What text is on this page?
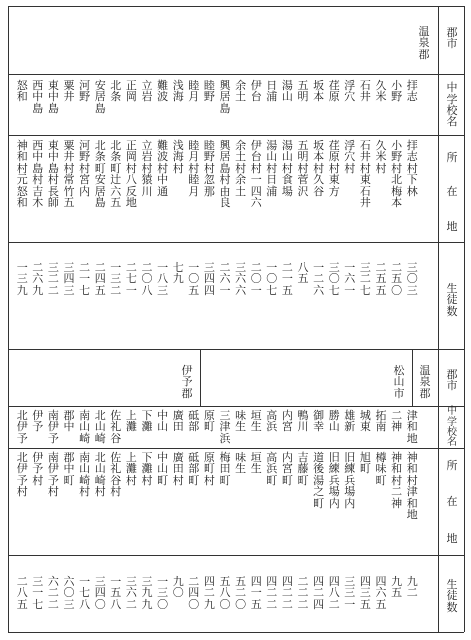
郡
市
中
学
校
名
所

在

地
生
徒
数
温
泉
郡
拝
志
拝
志
村
下
林
三
〇
三
小
野
小
野
村
北
梅
本
二
五
〇
久
米
久
米
村
二
五
五
石
井
石
井
村
東
石
井
三
二
七
浮
穴
浮
穴
村
一
六
一
荏
原
荏
原
村
東
方
三
〇
七
坂
本
坂
本
村
久
谷
一
二
六
五
明
五
明
村
菅
沢
八
五
湯
山
湯
山
村
食
場
二
一
五
日
浦
湯
山
村
日
浦
一
〇
七
伊
台
伊
台
村
一
四
六
二
〇
一
余
土
余
土
村
余
土
三
六
六
興
居
島
興
居
島
村
由
良
二
六
一
睦
野
睦
野
村
忽
那
三
四
四
睦
月
睦
月
村
睦
月
一
〇
五
浅
海
浅
海
村
七
九
難
波
難
波
村
中
通
一
八
三
立
岩
立
岩
村
猿
川
二
〇
八
正
岡
正
岡
村
八
反
地
二
七
一
北
条
北
条
町
辻
六
五
一
三
二
安
居
島
北
条
町
安
居
島
二
四
五
河
野
河
野
村
宮
内
二
一
七
粟
井
粟
井
村
常
竹
五
三
四
三
東
中
島
東
中
島
村
長
師
三
二
二
西
中
島
西
中
島
村
吉
木
二
六
九
怒
和
神
和
村
元
怒
和
一
三
九
郡
市
中
学
校
名
所

在

地
生
徒
数
温
泉
郡
松
山
市
伊
予
郡
津
和
地
神
和
村
津
和
地
九
二
二
神
神
和
村
二
神
九
五
拓
南
樽
味
町
四
六
五
城
東
旭
町
四
三
五
雄
新
旧
練
兵
場
内
三
三
一
勝
山
旧
練
兵
場
内
四
八
二
御
幸
道
後
湯
之
町
四
二
四
鴨
川
吉
藤
町
二
二
二
内
宮
内
宮
町
四
二
二
高
浜
高
浜
町
四
二
二
垣
生
垣
生
四
一
五
味
生
味
生
五
二
〇
三
津
浜
梅
田
町
五
八
〇
原
町
原
町
村
四
二
九
砥
部
砥
部
町
二
四
〇
廣
田
廣
田
村
九
〇
中
山
中
山
町
一
三
〇
下
灘
下
灘
村
三
九
九
上
灘
上
灘
村
三
六
二
佐
礼
谷
佐
礼
谷
村
一
五
八
北
山
崎
北
山
崎
村
三
四
〇
南
山
崎
南
山
崎
村
一
七
八
郡
中
郡
中
町
六
〇
三
南
伊
予
南
伊
予
村
六
二
二
伊
予
伊
予
村
三
一
七
北
伊
予
北
伊
予
村
二
八
五
